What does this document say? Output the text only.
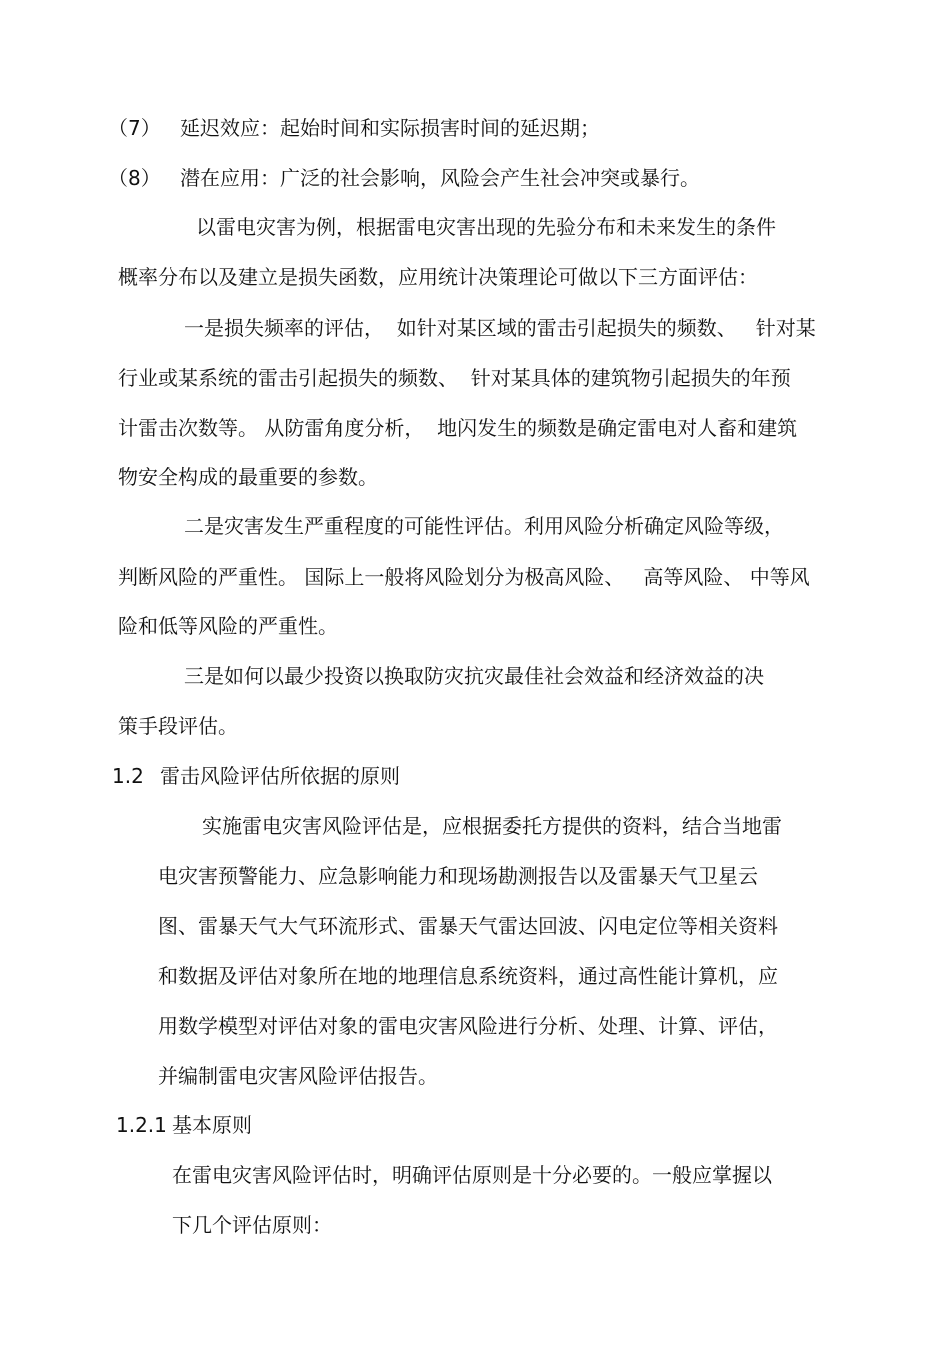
（7） 延迟效应：起始时间和实际损害时间的延迟期；
（8） 潜在应用：广泛的社会影响，风险会产生社会冲突或暴行。
以雷电灾害为例，根据雷电灾害出现的先验分布和未来发生的条件
概率分布以及建立是损失函数，应用统计决策理论可做以下三方面评估：
一是损失频率的评估，  如针对某区域的雷击引起损失的频数、   针对某
行业或某系统的雷击引起损失的频数、  针对某具体的建筑物引起损失的年预
计雷击次数等。 从防雷角度分析，  地闪发生的频数是确定雷电对人畜和建筑
物安全构成的最重要的参数。
二是灾害发生严重程度的可能性评估。利用风险分析确定风险等级，
判断风险的严重性。 国际上一般将风险划分为极高风险、   高等风险、 中等风
险和低等风险的严重性。
三是如何以最少投资以换取防灾抗灾最佳社会效益和经济效益的决
策手段评估。
1.2 雷击风险评估所依据的原则
实施雷电灾害风险评估是，应根据委托方提供的资料，结合当地雷
电灾害预警能力、应急影响能力和现场勘测报告以及雷暴天气卫星云
图、雷暴天气大气环流形式、雷暴天气雷达回波、闪电定位等相关资料
和数据及评估对象所在地的地理信息系统资料，通过高性能计算机，应
用数学模型对评估对象的雷电灾害风险进行分析、处理、计算、评估，
并编制雷电灾害风险评估报告。
1.2.1 基本原则
在雷电灾害风险评估时，明确评估原则是十分必要的。一般应掌握以
下几个评估原则：
